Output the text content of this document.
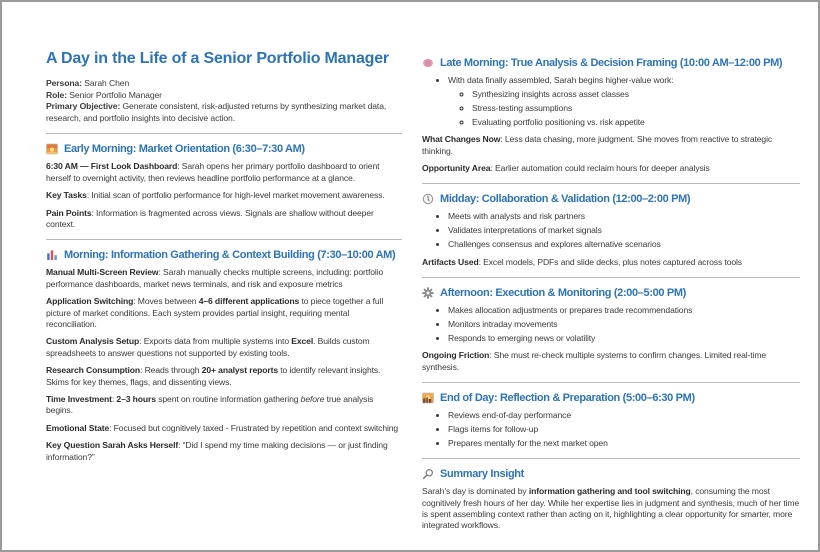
A Day in the Life of a Senior Portfolio Manager

Persona: Sarah Chen

Role: Senior Portfolio Manager

Primary Objective: Generate consistent, risk-adjusted returns by synthesizing market data, research, and portfolio insights into decisive action.

Early Morning: Market Orientation (6:30–7:30 AM)

6:30 AM — First Look Dashboard: Sarah opens her primary portfolio dashboard to orient herself to overnight activity, then reviews headline portfolio performance at a glance.

Key Tasks: Initial scan of portfolio performance for high-level market movement awareness.

Pain Points: Information is fragmented across views. Signals are shallow without deeper context.

Morning: Information Gathering & Context Building (7:30–10:00 AM)

Manual Multi-Screen Review: Sarah manually checks multiple screens, including: portfolio performance dashboards, market news terminals, and risk and exposure metrics

Application Switching: Moves between 4–6 different applications to piece together a full picture of market conditions. Each system provides partial insight, requiring mental reconciliation.

Custom Analysis Setup: Exports data from multiple systems into Excel. Builds custom spreadsheets to answer questions not supported by existing tools.

Research Consumption: Reads through 20+ analyst reports to identify relevant insights. Skims for key themes, flags, and dissenting views.

Time Investment: 2–3 hours spent on routine information gathering before true analysis begins.

Emotional State: Focused but cognitively taxed - Frustrated by repetition and context switching

Key Question Sarah Asks Herself: “Did I spend my time making decisions — or just finding information?”

Late Morning: True Analysis & Decision Framing (10:00 AM–12:00 PM)
• With data finally assembled, Sarah begins higher-value work:
◦ Synthesizing insights across asset classes
◦ Stress-testing assumptions
◦ Evaluating portfolio positioning vs. risk appetite

What Changes Now: Less data chasing, more judgment. She moves from reactive to strategic thinking.

Opportunity Area: Earlier automation could reclaim hours for deeper analysis

Midday: Collaboration & Validation (12:00–2:00 PM)
• Meets with analysts and risk partners
• Validates interpretations of market signals
• Challenges consensus and explores alternative scenarios

Artifacts Used: Excel models, PDFs and slide decks, plus notes captured across tools

Afternoon: Execution & Monitoring (2:00–5:00 PM)
• Makes allocation adjustments or prepares trade recommendations
• Monitors intraday movements
• Responds to emerging news or volatility

Ongoing Friction: She must re-check multiple systems to confirm changes. Limited real-time synthesis.

End of Day: Reflection & Preparation (5:00–6:30 PM)
• Reviews end-of-day performance
• Flags items for follow-up
• Prepares mentally for the next market open
Summary Insight

Sarah’s day is dominated by information gathering and tool switching, consuming the most cognitively fresh hours of her day. While her expertise lies in judgment and synthesis, much of her time is spent assembling context rather than acting on it, highlighting a clear opportunity for smarter, more integrated workflows.
